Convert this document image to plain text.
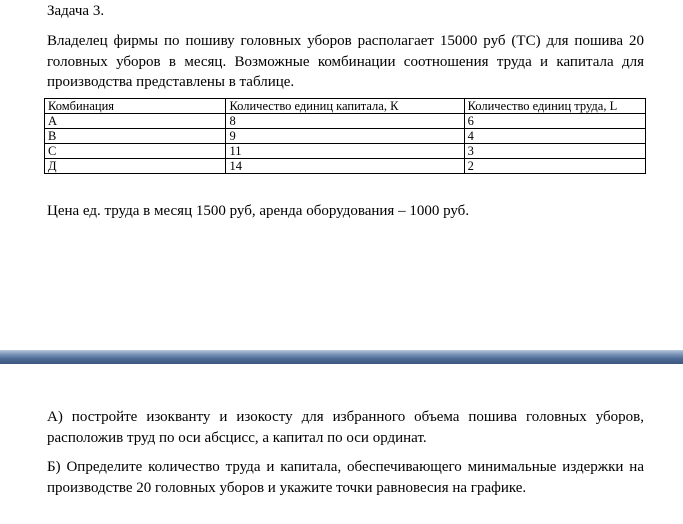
Задача 3.
Владелец фирмы по пошиву головных уборов располагает 15000 руб (ТС) для пошива 20 головных уборов в месяц. Возможные комбинации соотношения труда и капитала для производства представлены в таблице.
Комбинация	Количество единиц капитала, К	Количество единиц труда, L
А	8	6
В	9	4
С	11	3
Д	14	2
Цена ед. труда в месяц 1500 руб, аренда оборудования – 1000 руб.
А) постройте изокванту и изокосту для избранного объема пошива головных уборов, расположив труд по оси абсцисс, а капитал по оси ординат.
Б) Определите количество труда и капитала, обеспечивающего минимальные издержки на производстве 20 головных уборов и укажите точки равновесия на графике.
